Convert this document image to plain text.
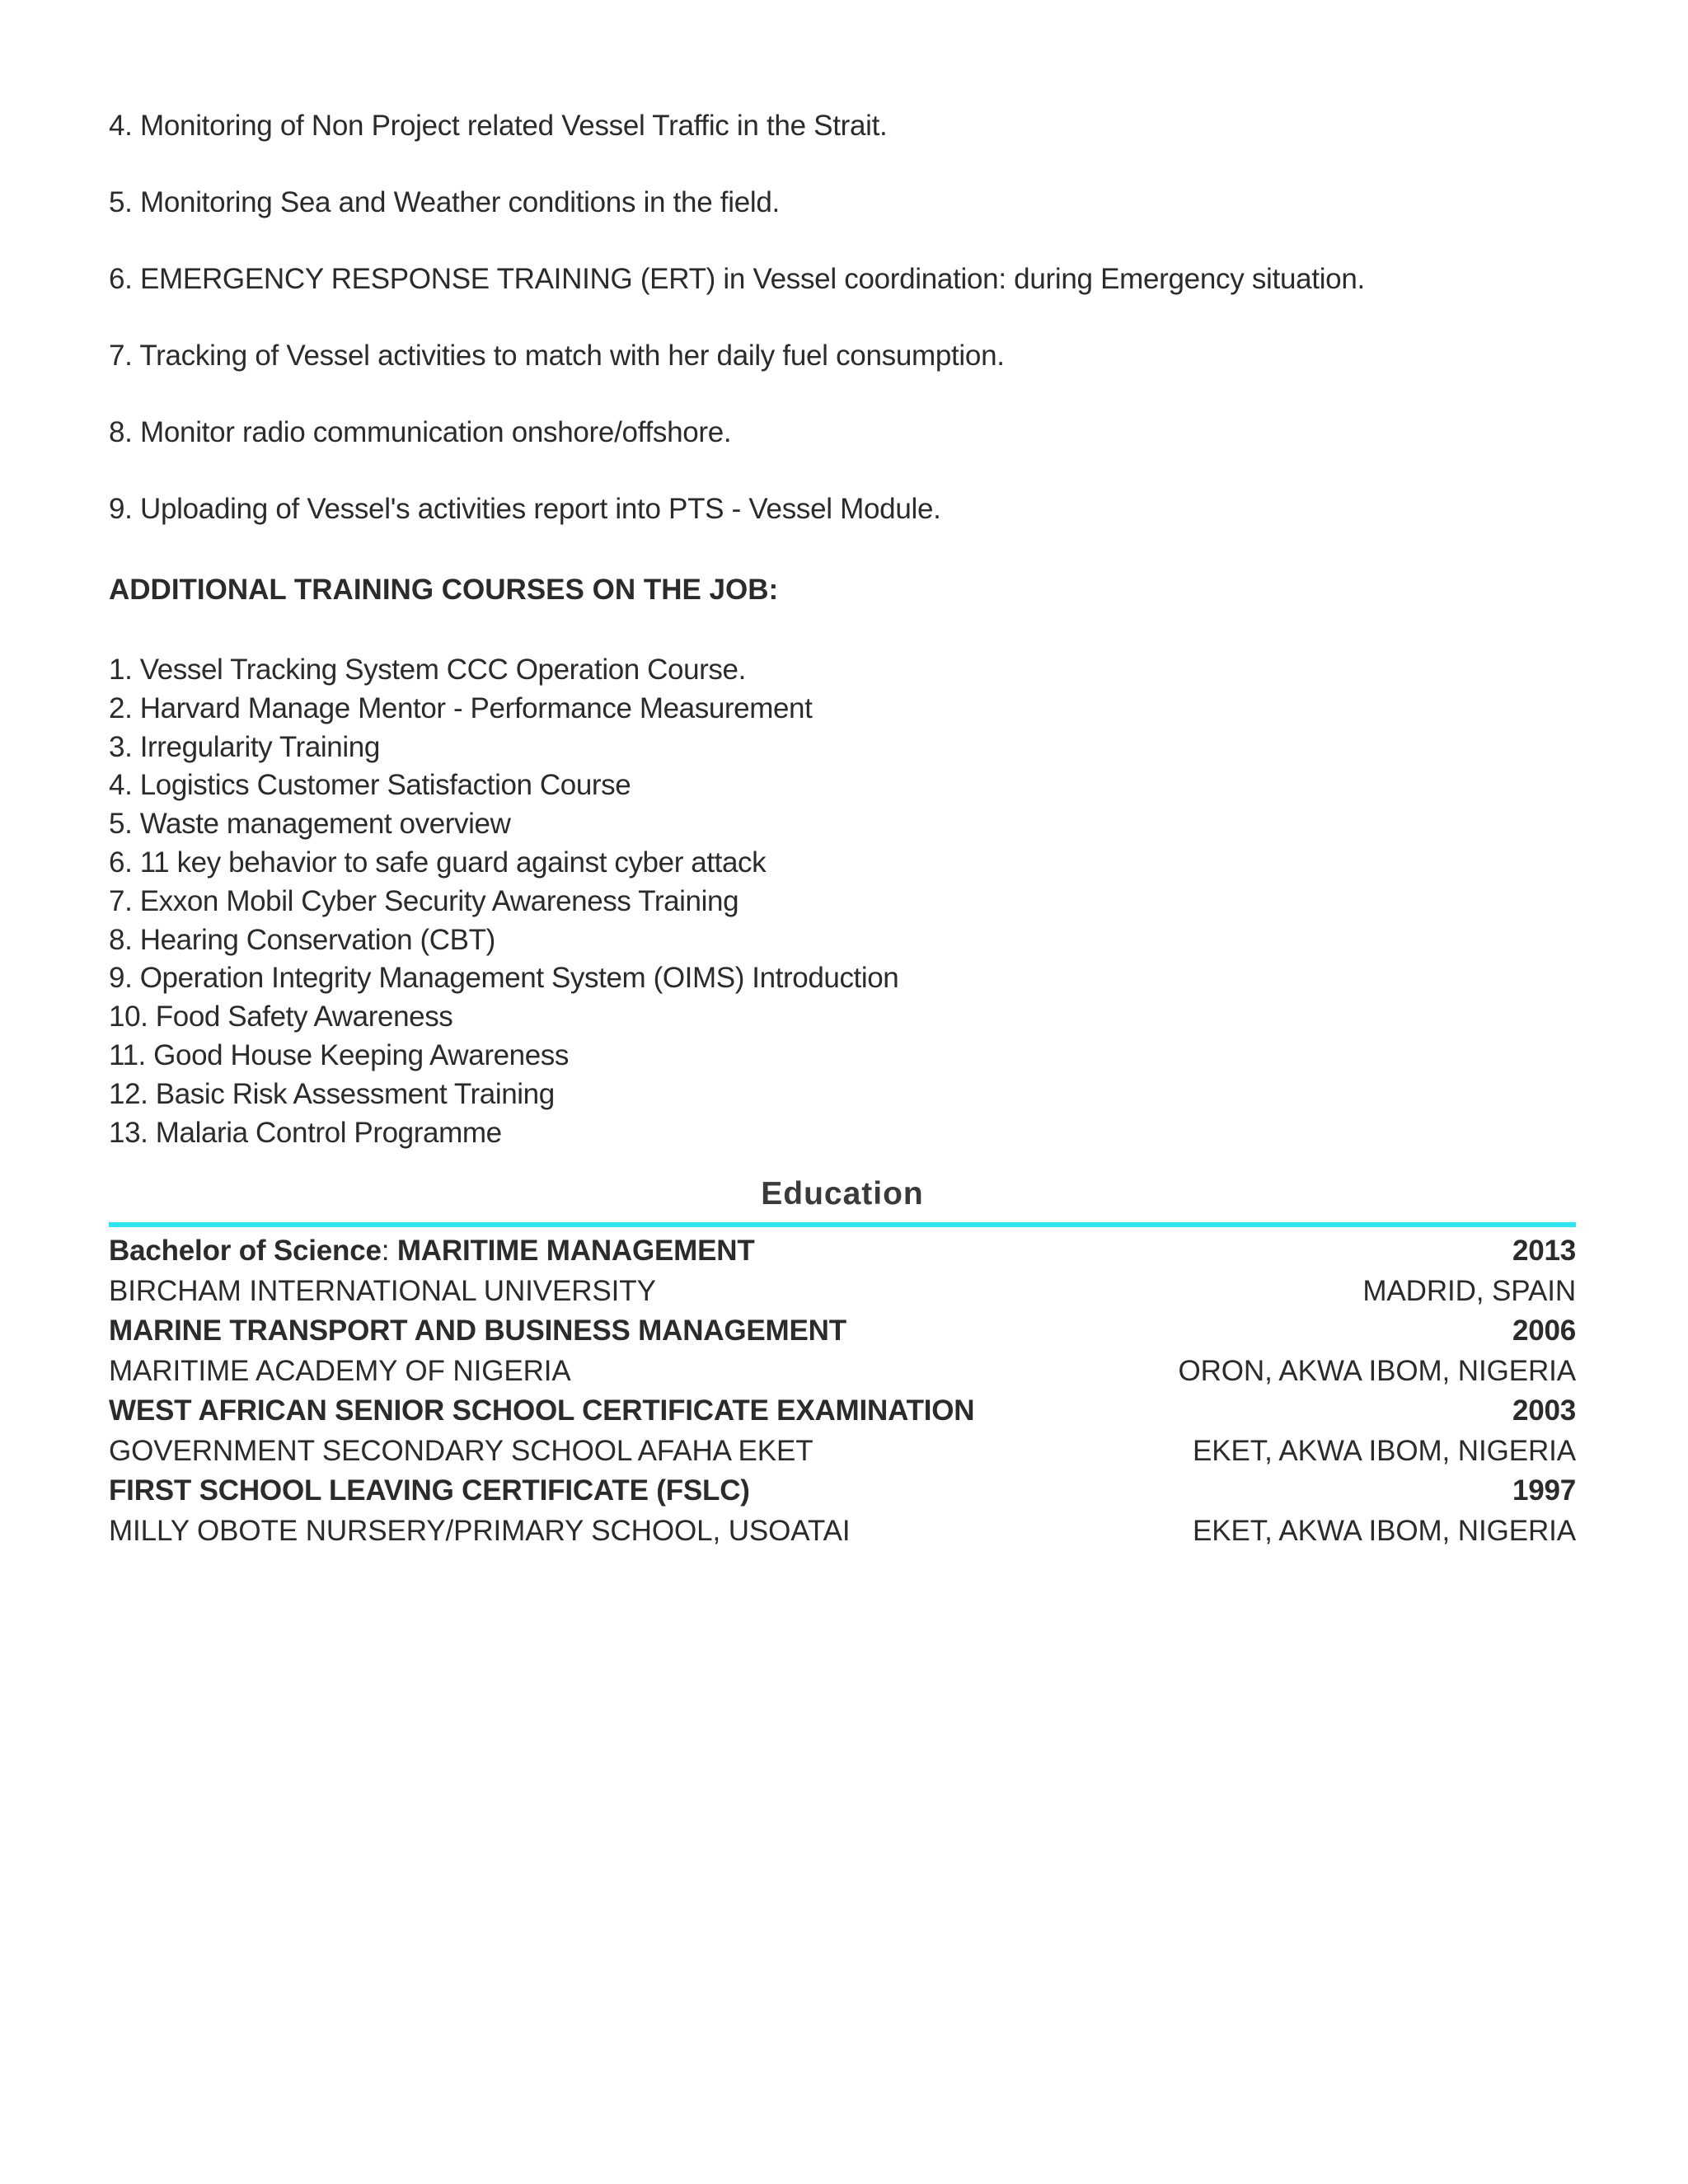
4. Monitoring of Non Project related Vessel Traffic in the Strait.
5. Monitoring Sea and Weather conditions in the field.
6. EMERGENCY RESPONSE TRAINING (ERT) in Vessel coordination: during Emergency situation.
7. Tracking of Vessel activities to match with her daily fuel consumption.
8. Monitor radio communication onshore/offshore.
9. Uploading of Vessel's activities report into PTS - Vessel Module.
ADDITIONAL TRAINING COURSES ON THE JOB:
1. Vessel Tracking System CCC Operation Course.
2. Harvard Manage Mentor - Performance Measurement
3. Irregularity Training
4. Logistics Customer Satisfaction Course
5. Waste management overview
6. 11 key behavior to safe guard against cyber attack
7. Exxon Mobil Cyber Security Awareness Training
8. Hearing Conservation (CBT)
9. Operation Integrity Management System (OIMS) Introduction
10. Food Safety Awareness
11. Good House Keeping Awareness
12. Basic Risk Assessment Training
13. Malaria Control Programme
Education
Bachelor of Science: MARITIME MANAGEMENT	2013
BIRCHAM INTERNATIONAL UNIVERSITY	MADRID, SPAIN
MARINE TRANSPORT AND BUSINESS MANAGEMENT	2006
MARITIME ACADEMY OF NIGERIA	ORON, AKWA IBOM, NIGERIA
WEST AFRICAN SENIOR SCHOOL CERTIFICATE EXAMINATION	2003
GOVERNMENT SECONDARY SCHOOL AFAHA EKET	EKET, AKWA IBOM, NIGERIA
FIRST SCHOOL LEAVING CERTIFICATE (FSLC)	1997
MILLY OBOTE NURSERY/PRIMARY SCHOOL, USOATAI	EKET, AKWA IBOM, NIGERIA
